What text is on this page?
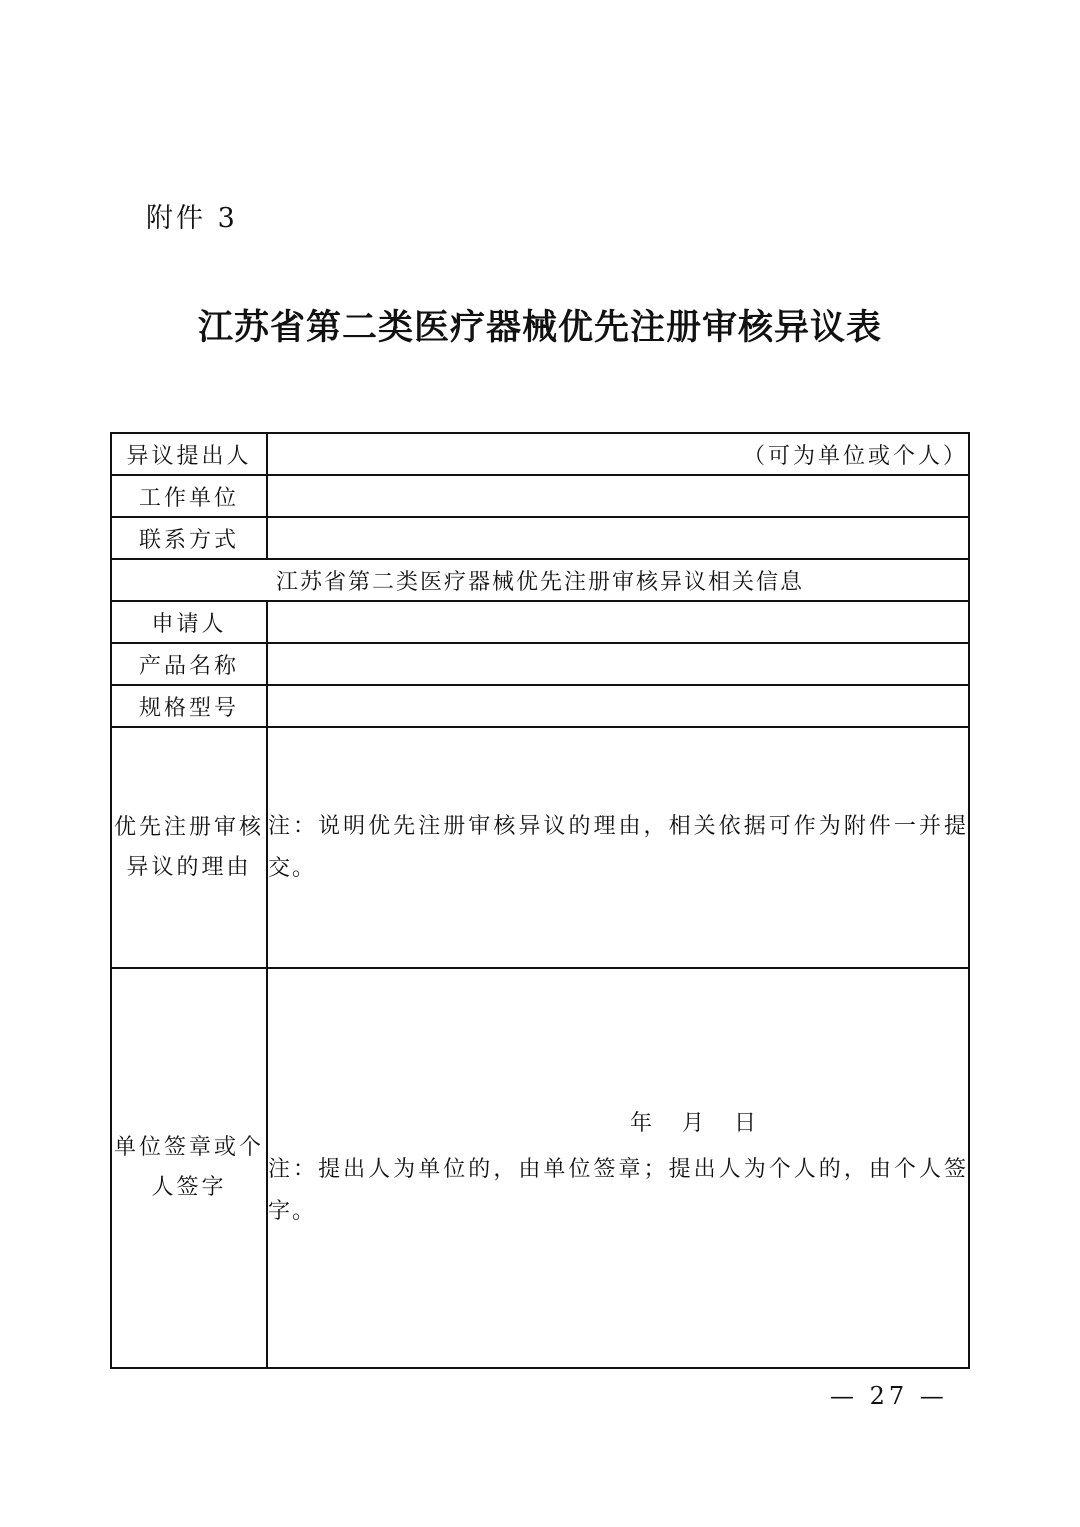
附件 3
江苏省第二类医疗器械优先注册审核异议表
异议提出人	（可为单位或个人）
工作单位	
联系方式	
江苏省第二类医疗器械优先注册审核异议相关信息	
申请人	
产品名称	
规格型号	
优先注册审核异议的理由	注：说明优先注册审核异议的理由，相关依据可作为附件一并提交。

单位签章或个人签字	年 月 日
注：提出人为单位的，由单位签章；提出人为个人的，由个人签字。
— 27 —
